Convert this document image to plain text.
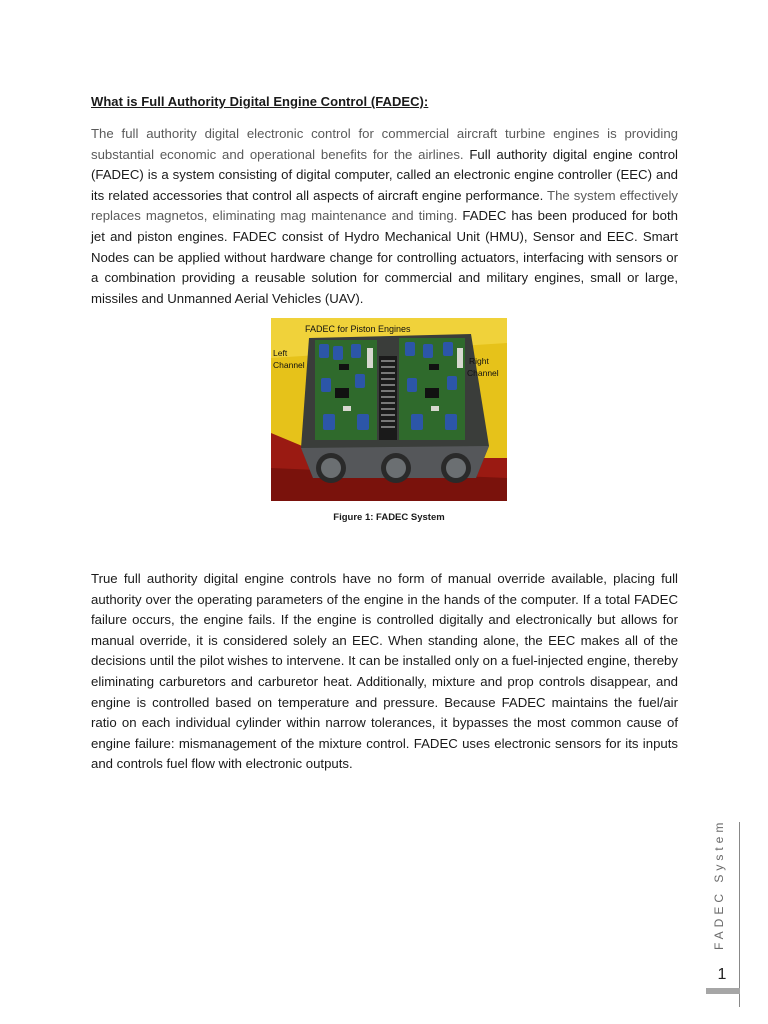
What is Full Authority Digital Engine Control (FADEC):

The full authority digital electronic control for commercial aircraft turbine engines is providing substantial economic and operational benefits for the airlines. Full authority digital engine control (FADEC) is a system consisting of digital computer, called an electronic engine controller (EEC) and its related accessories that control all aspects of aircraft engine performance. The system effectively replaces magnetos, eliminating mag maintenance and timing. FADEC has been produced for both jet and piston engines. FADEC consist of Hydro Mechanical Unit (HMU), Sensor and EEC. Smart Nodes can be applied without hardware change for controlling actuators, interfacing with sensors or a combination providing a reusable solution for commercial and military engines, small or large, missiles and Unmanned Aerial Vehicles (UAV).

FADEC for Piston Engines
Left
Channel	Right
Channel
Figure 1: FADEC System

True full authority digital engine controls have no form of manual override available, placing full authority over the operating parameters of the engine in the hands of the computer. If a total FADEC failure occurs, the engine fails. If the engine is controlled digitally and electronically but allows for manual override, it is considered solely an EEC. When standing alone, the EEC makes all of the decisions until the pilot wishes to intervene. It can be installed only on a fuel-injected engine, thereby eliminating carburetors and carburetor heat. Additionally, mixture and prop controls disappear, and engine is controlled based on temperature and pressure. Because FADEC maintains the fuel/air ratio on each individual cylinder within narrow tolerances, it bypasses the most common cause of engine failure: mismanagement of the mixture control. FADEC uses electronic sensors for its inputs and controls fuel flow with electronic outputs.

FADEC System
1
